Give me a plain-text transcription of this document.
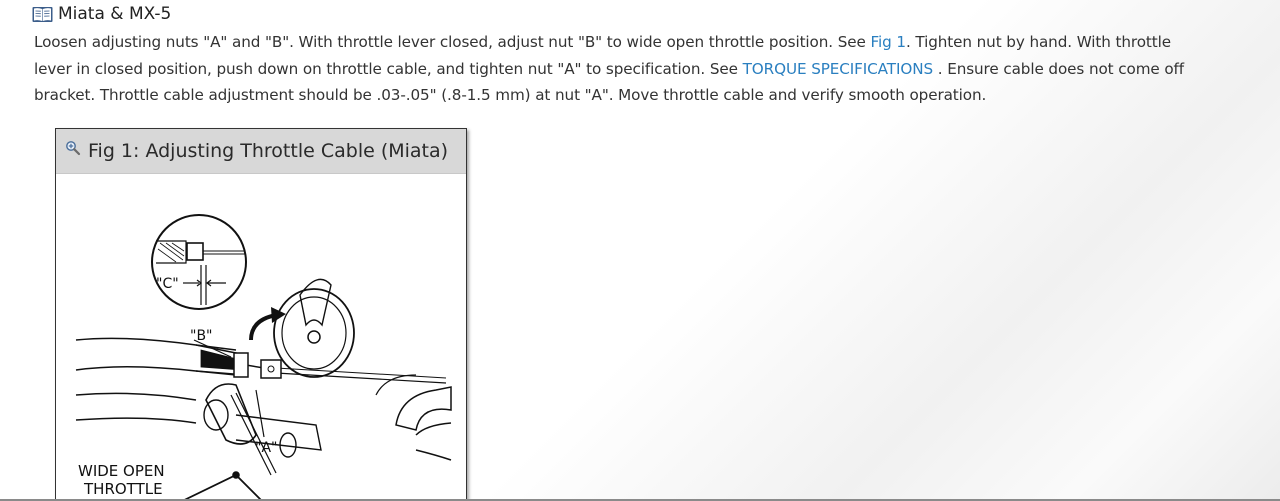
Miata & MX-5
Loosen adjusting nuts "A" and "B". With throttle lever closed, adjust nut "B" to wide open throttle position. See Fig 1. Tighten nut by hand. With throttle
lever in closed position, push down on throttle cable, and tighten nut "A" to specification. See TORQUE SPECIFICATIONS . Ensure cable does not come off
bracket. Throttle cable adjustment should be .03-.05" (.8-1.5 mm) at nut "A". Move throttle cable and verify smooth operation.
Fig 1: Adjusting Throttle Cable (Miata)
"C"
"B"
"A"
WIDE OPEN
THROTTLE
